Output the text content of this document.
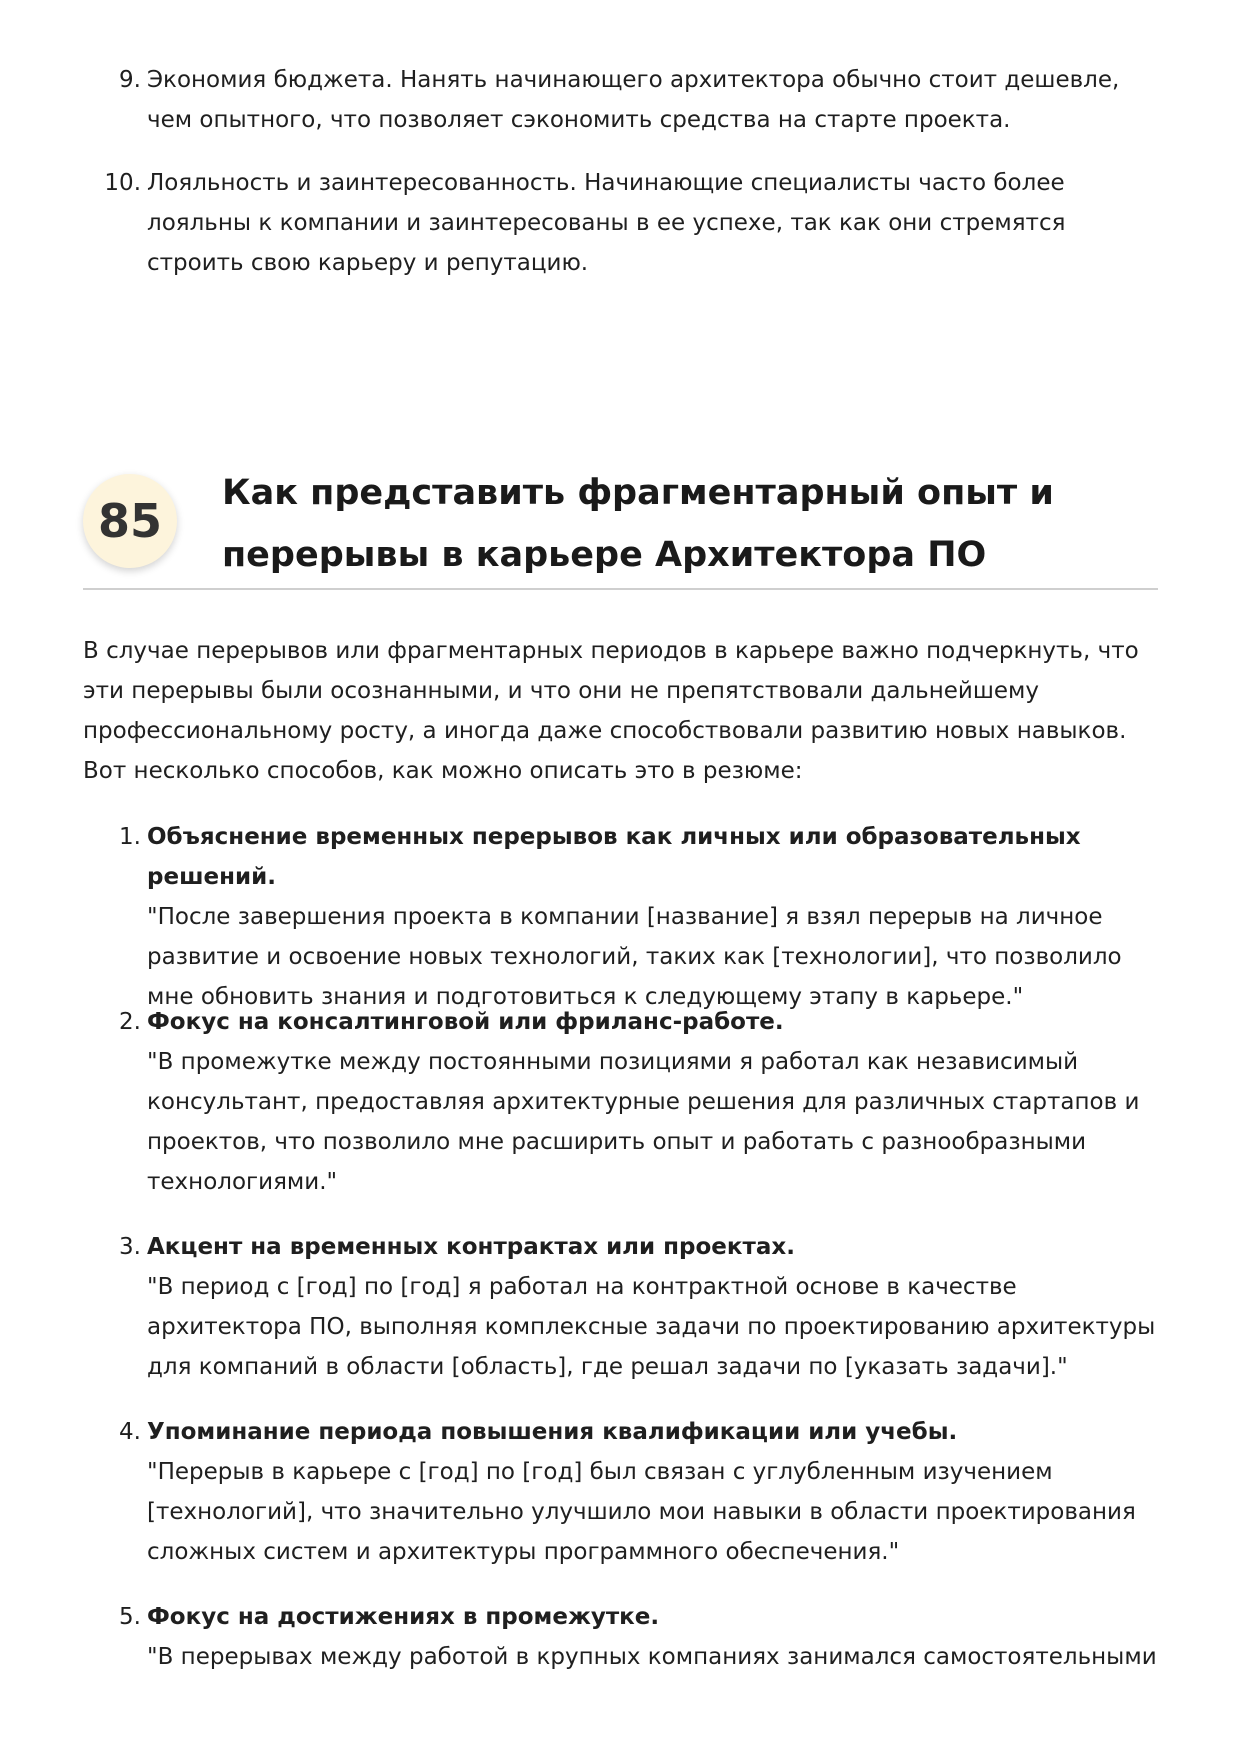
9. Экономия бюджета. Нанять начинающего архитектора обычно стоит дешевле, чем опытного, что позволяет сэкономить средства на старте проекта.
10. Лояльность и заинтересованность. Начинающие специалисты часто более лояльны к компании и заинтересованы в ее успехе, так как они стремятся строить свою карьеру и репутацию.
85
Как представить фрагментарный опыт и перерывы в карьере Архитектора ПО

В случае перерывов или фрагментарных периодов в карьере важно подчеркнуть, что эти перерывы были осознанными, и что они не препятствовали дальнейшему профессиональному росту, а иногда даже способствовали развитию новых навыков. Вот несколько способов, как можно описать это в резюме:

1. Объяснение временных перерывов как личных или образовательных решений.
"После завершения проекта в компании [название] я взял перерыв на личное развитие и освоение новых технологий, таких как [технологии], что позволило мне обновить знания и подготовиться к следующему этапу в карьере."
2. Фокус на консалтинговой или фриланс-работе.
"В промежутке между постоянными позициями я работал как независимый консультант, предоставляя архитектурные решения для различных стартапов и проектов, что позволило мне расширить опыт и работать с разнообразными технологиями."
3. Акцент на временных контрактах или проектах.
"В период с [год] по [год] я работал на контрактной основе в качестве архитектора ПО, выполняя комплексные задачи по проектированию архитектуры для компаний в области [область], где решал задачи по [указать задачи]."
4. Упоминание периода повышения квалификации или учебы.
"Перерыв в карьере с [год] по [год] был связан с углубленным изучением [технологий], что значительно улучшило мои навыки в области проектирования сложных систем и архитектуры программного обеспечения."
5. Фокус на достижениях в промежутке.
"В перерывах между работой в крупных компаниях занимался самостоятельными
